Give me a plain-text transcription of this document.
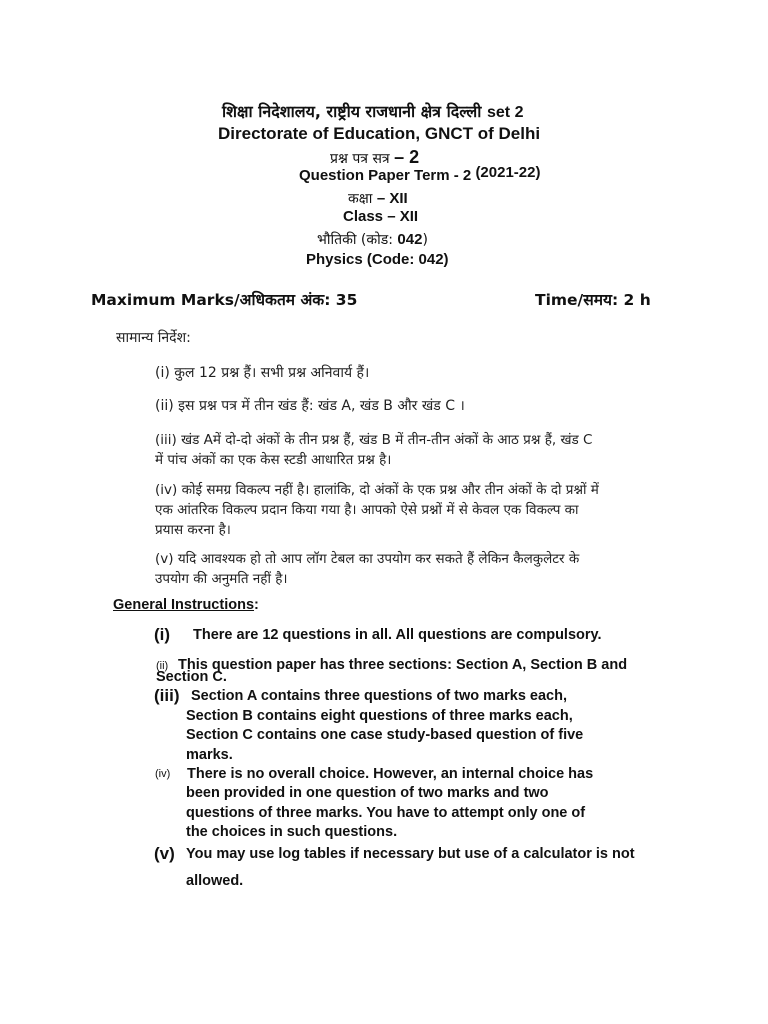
शिक्षा निदेशालय, राष्ट्रीय राजधानी क्षेत्र दिल्ली set 2
Directorate of Education, GNCT of Delhi
प्रश्न पत्र सत्र – 2
Question Paper Term - 2 (2021-22)
कक्षा – XII
Class – XII
भौतिकी (कोड: 042)
Physics (Code: 042)
Maximum Marks/अधिकतम अंक: 35	Time/समय: 2 h
सामान्य निर्देश:
(i) कुल 12 प्रश्न हैं। सभी प्रश्न अनिवार्य हैं।
(ii) इस प्रश्न पत्र में तीन खंड हैं: खंड A, खंड B और खंड C ।
(iii) खंड Aमें दो-दो अंकों के तीन प्रश्न हैं, खंड B में तीन-तीन अंकों के आठ प्रश्न हैं, खंड C
में पांच अंकों का एक केस स्टडी आधारित प्रश्न है।
(iv) कोई समग्र विकल्प नहीं है। हालांकि, दो अंकों के एक प्रश्न और तीन अंकों के दो प्रश्नों में
एक आंतरिक विकल्प प्रदान किया गया है। आपको ऐसे प्रश्नों में से केवल एक विकल्प का
प्रयास करना है।
(v) यदि आवश्यक हो तो आप लॉग टेबल का उपयोग कर सकते हैं लेकिन कैलकुलेटर के
उपयोग की अनुमति नहीं है।
General Instructions:
(i) There are 12 questions in all. All questions are compulsory.
(ii) This question paper has three sections: Section A, Section B and
Section C.
(iii) Section A contains three questions of two marks each,
Section B contains eight questions of three marks each,
Section C contains one case study-based question of five
marks.
(iv) There is no overall choice. However, an internal choice has
been provided in one question of two marks and two
questions of three marks. You have to attempt only one of
the choices in such questions.
(v) You may use log tables if necessary but use of a calculator is not
allowed.
